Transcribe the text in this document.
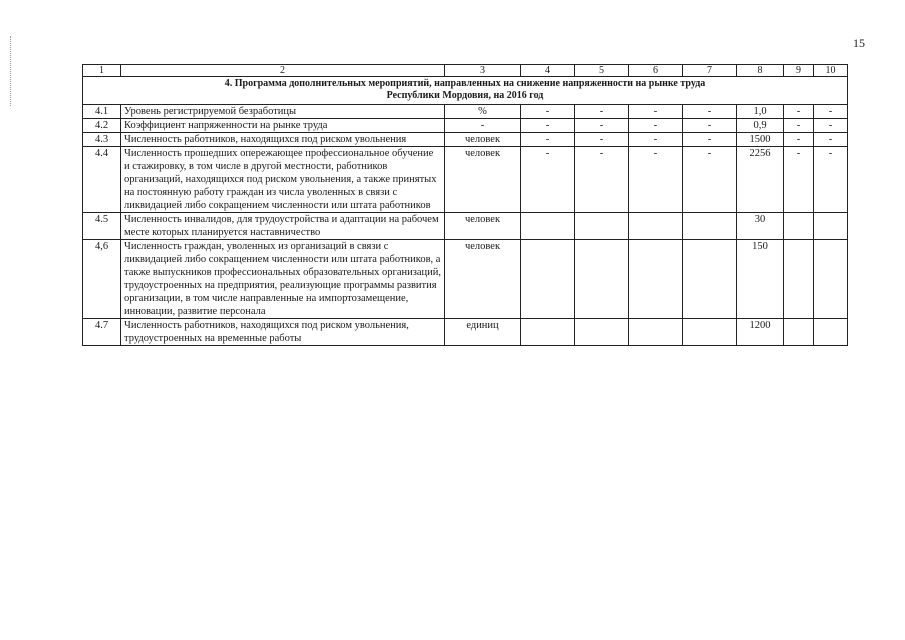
15
1	2	3	4	5	6	7	8	9	10

4. Программа дополнительных мероприятий, направленных на снижение напряженности на рынке труда
Республики Мордовия, на 2016 год									

4.1	Уровень регистрируемой безработицы	%	-	-	-	-	1,0	-	-
4.2	Коэффициент напряженности на рынке труда	-	-	-	-	-	0,9	-	-
4.3	Численность работников, находящихся под риском увольнения	человек	-	-	-	-	1500	-	-
4.4	Численность прошедших опережающее профессиональное обучение и стажировку, в том числе в другой местности, работников организаций, находящихся под риском увольнения, а также принятых на постоянную работу граждан из числа уволенных в связи с ликвидацией либо сокращением численности или штата работников	человек	-	-	-	-	2256	-	-
4.5	Численность инвалидов, для трудоустройства и адаптации на рабочем месте которых планируется наставничество	человек					30		
4,6	Численность граждан, уволенных из организаций в связи с ликвидацией либо сокращением численности или штата работников, а также выпускников профессиональных образовательных организаций, трудоустроенных на предприятия, реализующие программы развития организации, в том числе направленные на импортозамещение, инновации, развитие персонала	человек					150		
4.7	Численность работников, находящихся под риском увольнения, трудоустроенных на временные работы	единиц					1200		
